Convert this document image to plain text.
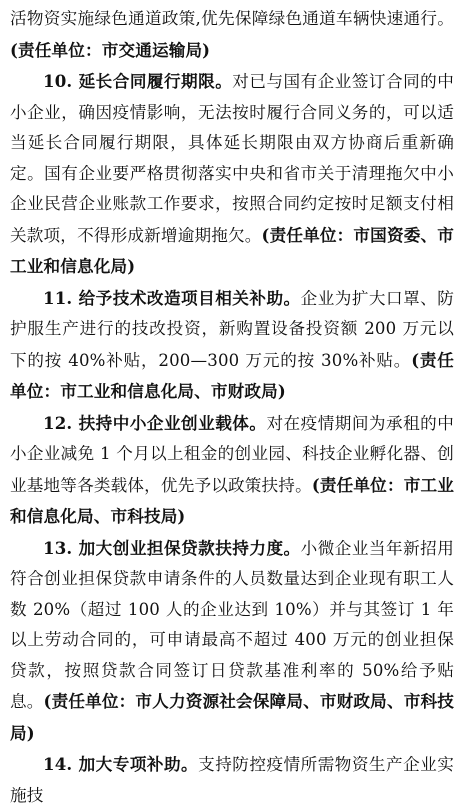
活物资实施绿色通道政策,优先保障绿色通道车辆快速通行。(责任单位：市交通运输局)

10. 延长合同履行期限。对已与国有企业签订合同的中小企业，确因疫情影响，无法按时履行合同义务的，可以适当延长合同履行期限，具体延长期限由双方协商后重新确定。国有企业要严格贯彻落实中央和省市关于清理拖欠中小企业民营企业账款工作要求，按照合同约定按时足额支付相关款项，不得形成新增逾期拖欠。(责任单位：市国资委、市工业和信息化局)

11. 给予技术改造项目相关补助。企业为扩大口罩、防护服生产进行的技改投资，新购置设备投资额 200 万元以下的按 40%补贴，200—300 万元的按 30%补贴。(责任单位：市工业和信息化局、市财政局)

12. 扶持中小企业创业载体。对在疫情期间为承租的中小企业减免 1 个月以上租金的创业园、科技企业孵化器、创业基地等各类载体，优先予以政策扶持。(责任单位：市工业和信息化局、市科技局)

13. 加大创业担保贷款扶持力度。小微企业当年新招用符合创业担保贷款申请条件的人员数量达到企业现有职工人数 20%（超过 100 人的企业达到 10%）并与其签订 1 年以上劳动合同的，可申请最高不超过 400 万元的创业担保贷款，按照贷款合同签订日贷款基准利率的 50%给予贴息。(责任单位：市人力资源社会保障局、市财政局、市科技局)

14. 加大专项补助。支持防控疫情所需物资生产企业实施技
